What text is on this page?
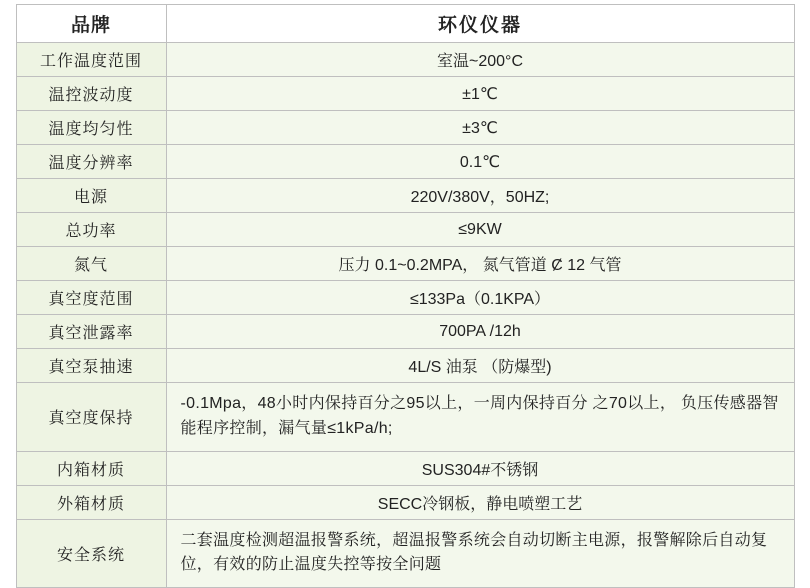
品牌	环仪仪器
工作温度范围	室温~200°C
温控波动度	±1℃
温度均匀性	±3℃
温度分辨率	0.1℃
电源	220V/380V，50HZ;
总功率	≤9KW
氮气	压力 0.1~0.2MPA， 氮气管道 Ȼ 12 气管
真空度范围	≤133Pa（0.1KPA）
真空泄露率	700PA /12h
真空泵抽速	4L/S 油泵 （防爆型)
真空度保持	-0.1Mpa，48小时内保持百分之95以上，一周内保持百分 之70以上， 负压传感器智能程序控制，漏气量≤1kPa/h;
内箱材质	SUS304#不锈钢
外箱材质	SECC冷钢板，静电喷塑工艺
安全系统	二套温度检测超温报警系统，超温报警系统会自动切断主电源，报警解除后自动复位，有效的防止温度失控等按全问题
